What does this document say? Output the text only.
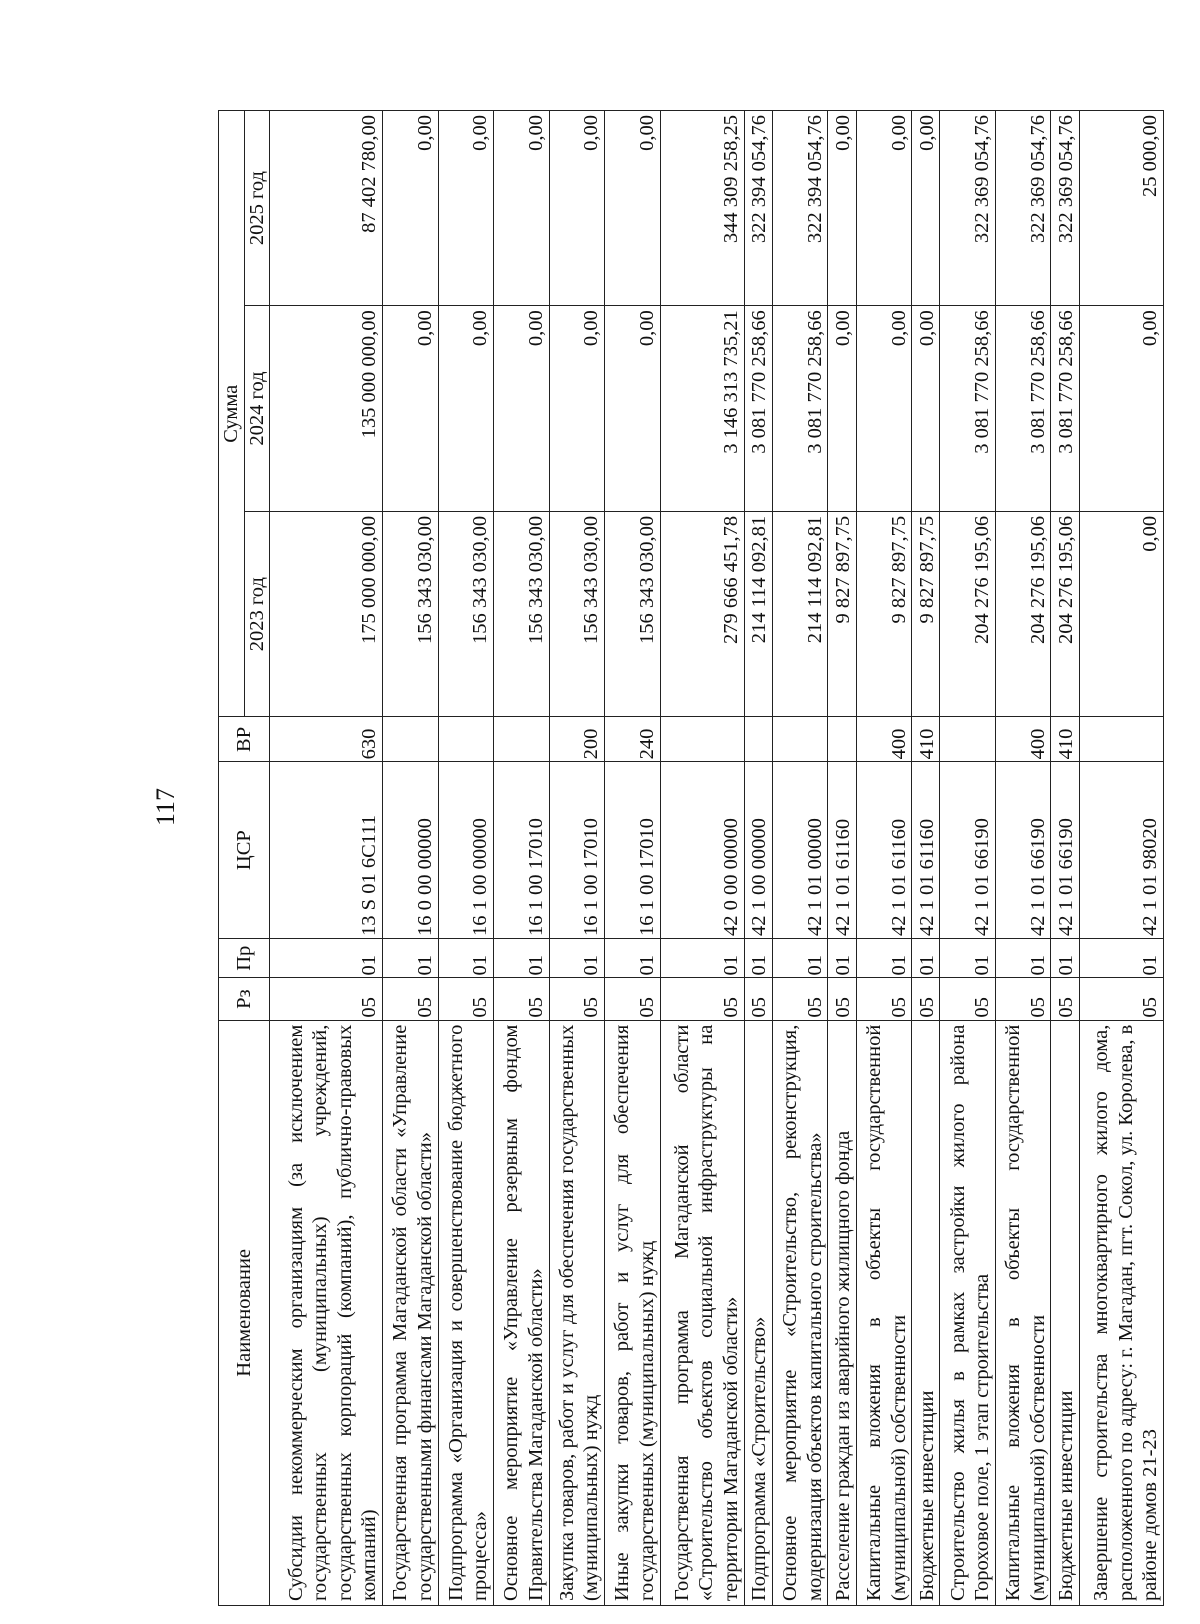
117
Наименование	Рз	Пр	ЦСР	ВР	Сумма		
					2023 год	2024 год	2025 год
Субсидии некоммерческим организациям (за исключением государственных (муниципальных) учреждений, государственных корпораций (компаний), публично-правовых компаний)	05	01	13 S 01 6С111	630	175 000 000,00	135 000 000,00	87 402 780,00
Государственная программа Магаданской области «Управление государственными финансами Магаданской области»	05	01	16 0 00 00000		156 343 030,00	0,00	0,00
Подпрограмма «Организация и совершенствование бюджетного процесса»	05	01	16 1 00 00000		156 343 030,00	0,00	0,00
Основное мероприятие «Управление резервным фондом Правительства Магаданской области»	05	01	16 1 00 17010		156 343 030,00	0,00	0,00
Закупка товаров, работ и услуг для обеспечения государственных (муниципальных) нужд	05	01	16 1 00 17010	200	156 343 030,00	0,00	0,00
Иные закупки товаров, работ и услуг для обеспечения государственных (муниципальных) нужд	05	01	16 1 00 17010	240	156 343 030,00	0,00	0,00
Государственная программа Магаданской области «Строительство объектов социальной инфраструктуры на территории Магаданской области»	05	01	42 0 00 00000		279 666 451,78	3 146 313 735,21	344 309 258,25
Подпрограмма «Строительство»	05	01	42 1 00 00000		214 114 092,81	3 081 770 258,66	322 394 054,76
Основное мероприятие «Строительство, реконструкция, модернизация объектов капитального строительства»	05	01	42 1 01 00000		214 114 092,81	3 081 770 258,66	322 394 054,76
Расселение граждан из аварийного жилищного фонда	05	01	42 1 01 61160		9 827 897,75	0,00	0,00
Капитальные вложения в объекты государственной (муниципальной) собственности	05	01	42 1 01 61160	400	9 827 897,75	0,00	0,00
Бюджетные инвестиции	05	01	42 1 01 61160	410	9 827 897,75	0,00	0,00
Строительство жилья в рамках застройки жилого района Гороховое поле, 1 этап строительства	05	01	42 1 01 66190		204 276 195,06	3 081 770 258,66	322 369 054,76
Капитальные вложения в объекты государственной (муниципальной) собственности	05	01	42 1 01 66190	400	204 276 195,06	3 081 770 258,66	322 369 054,76
Бюджетные инвестиции	05	01	42 1 01 66190	410	204 276 195,06	3 081 770 258,66	322 369 054,76
Завершение строительства многоквартирного жилого дома, расположенного по адресу: г. Магадан, пгт. Сокол, ул. Королева, в районе домов 21-23	05	01	42 1 01 98020		0,00	0,00	25 000,00
